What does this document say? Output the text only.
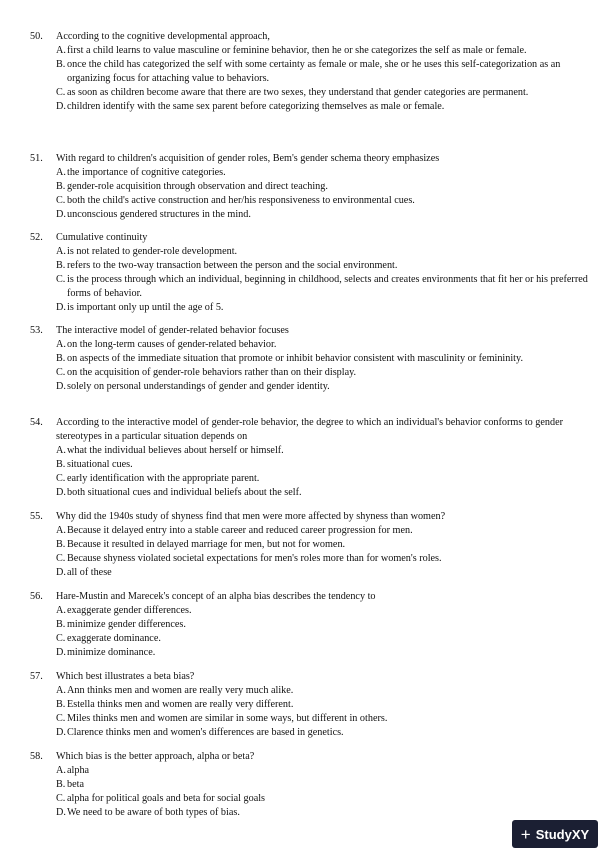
50.	According to the cognitive developmental approach,
A. first a child learns to value masculine or feminine behavior, then he or she categorizes the self as male or female.
B. once the child has categorized the self with some certainty as female or male, she or he uses this self-categorization as an organizing focus for attaching value to behaviors.
C. as soon as children become aware that there are two sexes, they understand that gender categories are permanent.
D. children identify with the same sex parent before categorizing themselves as male or female.
51.	With regard to children's acquisition of gender roles, Bem's gender schema theory emphasizes
A. the importance of cognitive categories.
B. gender-role acquisition through observation and direct teaching.
C. both the child's active construction and her/his responsiveness to environmental cues.
D. unconscious gendered structures in the mind.
52.	Cumulative continuity
A. is not related to gender-role development.
B. refers to the two-way transaction between the person and the social environment.
C. is the process through which an individual, beginning in childhood, selects and creates environments that fit her or his preferred forms of behavior.
D. is important only up until the age of 5.
53.	The interactive model of gender-related behavior focuses
A. on the long-term causes of gender-related behavior.
B. on aspects of the immediate situation that promote or inhibit behavior consistent with masculinity or femininity.
C. on the acquisition of gender-role behaviors rather than on their display.
D. solely on personal understandings of gender and gender identity.
54.	According to the interactive model of gender-role behavior, the degree to which an individual's behavior conforms to gender stereotypes in a particular situation depends on
A. what the individual believes about herself or himself.
B. situational cues.
C. early identification with the appropriate parent.
D. both situational cues and individual beliefs about the self.
55.	Why did the 1940s study of shyness find that men were more affected by shyness than women?
A. Because it delayed entry into a stable career and reduced career progression for men.
B. Because it resulted in delayed marriage for men, but not for women.
C. Because shyness violated societal expectations for men's roles more than for women's roles.
D. all of these
56.	Hare-Mustin and Marecek's concept of an alpha bias describes the tendency to
A. exaggerate gender differences.
B. minimize gender differences.
C. exaggerate dominance.
D. minimize dominance.
57.	Which best illustrates a beta bias?
A. Ann thinks men and women are really very much alike.
B. Estella thinks men and women are really very different.
C. Miles thinks men and women are similar in some ways, but different in others.
D. Clarence thinks men and women's differences are based in genetics.
58.	Which bias is the better approach, alpha or beta?
A. alpha
B. beta
C. alpha for political goals and beta for social goals
D. We need to be aware of both types of bias.
+ StudyXY
